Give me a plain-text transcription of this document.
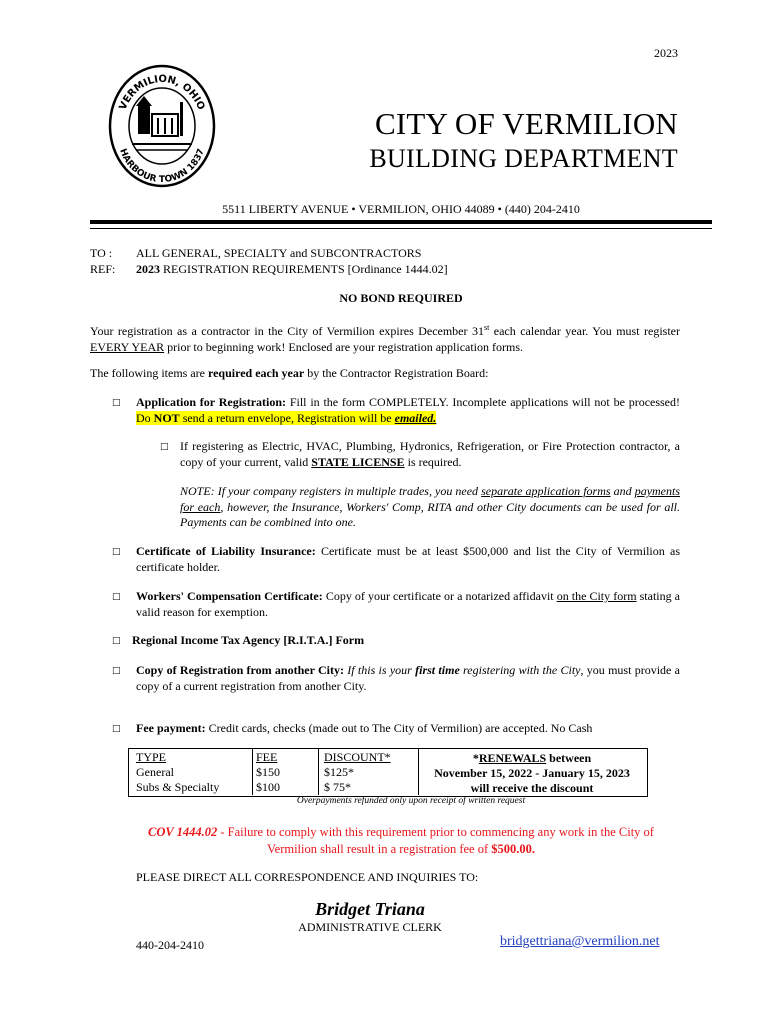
2023
VERMILION, OHIO
HARBOUR TOWN 1837
CITY OF VERMILION
BUILDING DEPARTMENT
5511 LIBERTY AVENUE • VERMILION, OHIO 44089 • (440) 204-2410
TO : ALL GENERAL, SPECIALTY and SUBCONTRACTORS
REF: 2023 REGISTRATION REQUIREMENTS [Ordinance 1444.02]
NO BOND REQUIRED
Your registration as a contractor in the City of Vermilion expires December 31st each calendar year. You must register EVERY YEAR prior to beginning work! Enclosed are your registration application forms.
The following items are required each year by the Contractor Registration Board:
□ Application for Registration: Fill in the form COMPLETELY. Incomplete applications will not be processed! Do NOT send a return envelope, Registration will be emailed.
□ If registering as Electric, HVAC, Plumbing, Hydronics, Refrigeration, or Fire Protection contractor, a copy of your current, valid STATE LICENSE is required.
NOTE: If your company registers in multiple trades, you need separate application forms and payments for each, however, the Insurance, Workers' Comp, RITA and other City documents can be used for all. Payments can be combined into one.
□ Certificate of Liability Insurance: Certificate must be at least $500,000 and list the City of Vermilion as certificate holder.
□ Workers' Compensation Certificate: Copy of your certificate or a notarized affidavit on the City form stating a valid reason for exemption.
□ Regional Income Tax Agency [R.I.T.A.] Form
□ Copy of Registration from another City: If this is your first time registering with the City, you must provide a copy of a current registration from another City.
□ Fee payment: Credit cards, checks (made out to The City of Vermilion) are accepted. No Cash
TYPE	FEE	DISCOUNT*
General	$150	$125*
Subs & Specialty	$100	$ 75*
*RENEWALS between
November 15, 2022 - January 15, 2023
will receive the discount
Overpayments refunded only upon receipt of written request
COV 1444.02 - Failure to comply with this requirement prior to commencing any work in the City of
Vermilion shall result in a registration fee of $500.00.
PLEASE DIRECT ALL CORRESPONDENCE AND INQUIRIES TO:
Bridget Triana
ADMINISTRATIVE CLERK
440-204-2410	bridgettriana@vermilion.net
